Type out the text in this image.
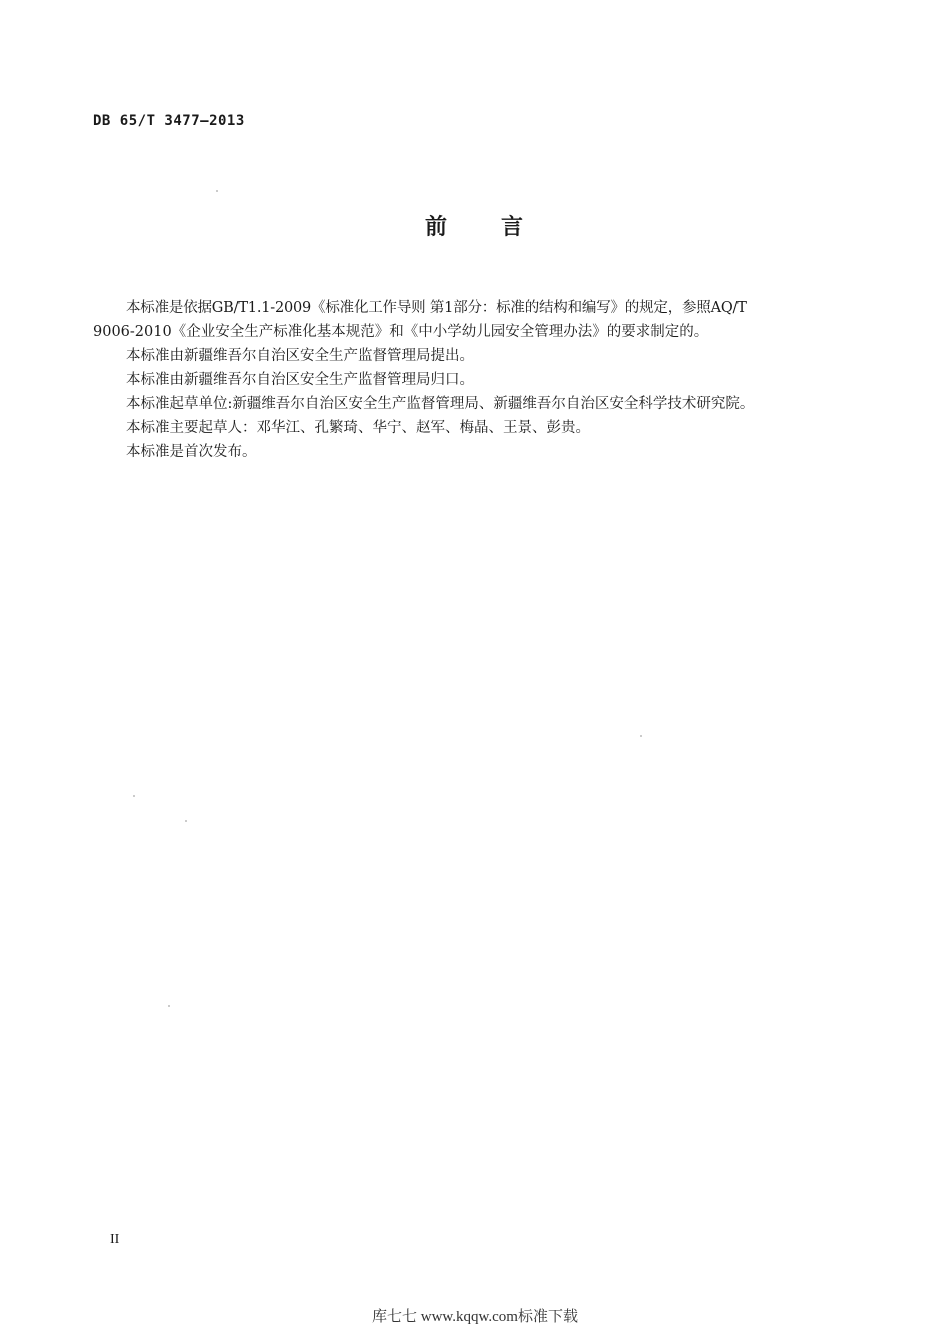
DB 65/T 3477—2013
前 言

本标准是依据GB/T1.1-2009《标准化工作导则 第1部分：标准的结构和编写》的规定，参照AQ/T

9006-2010《企业安全生产标准化基本规范》和《中小学幼儿园安全管理办法》的要求制定的。

本标准由新疆维吾尔自治区安全生产监督管理局提出。

本标准由新疆维吾尔自治区安全生产监督管理局归口。

本标准起草单位:新疆维吾尔自治区安全生产监督管理局、新疆维吾尔自治区安全科学技术研究院。

本标准主要起草人：邓华江、孔繁琦、华宁、赵军、梅晶、王景、彭贵。

本标准是首次发布。

II
库七七 www.kqqw.com标准下载
